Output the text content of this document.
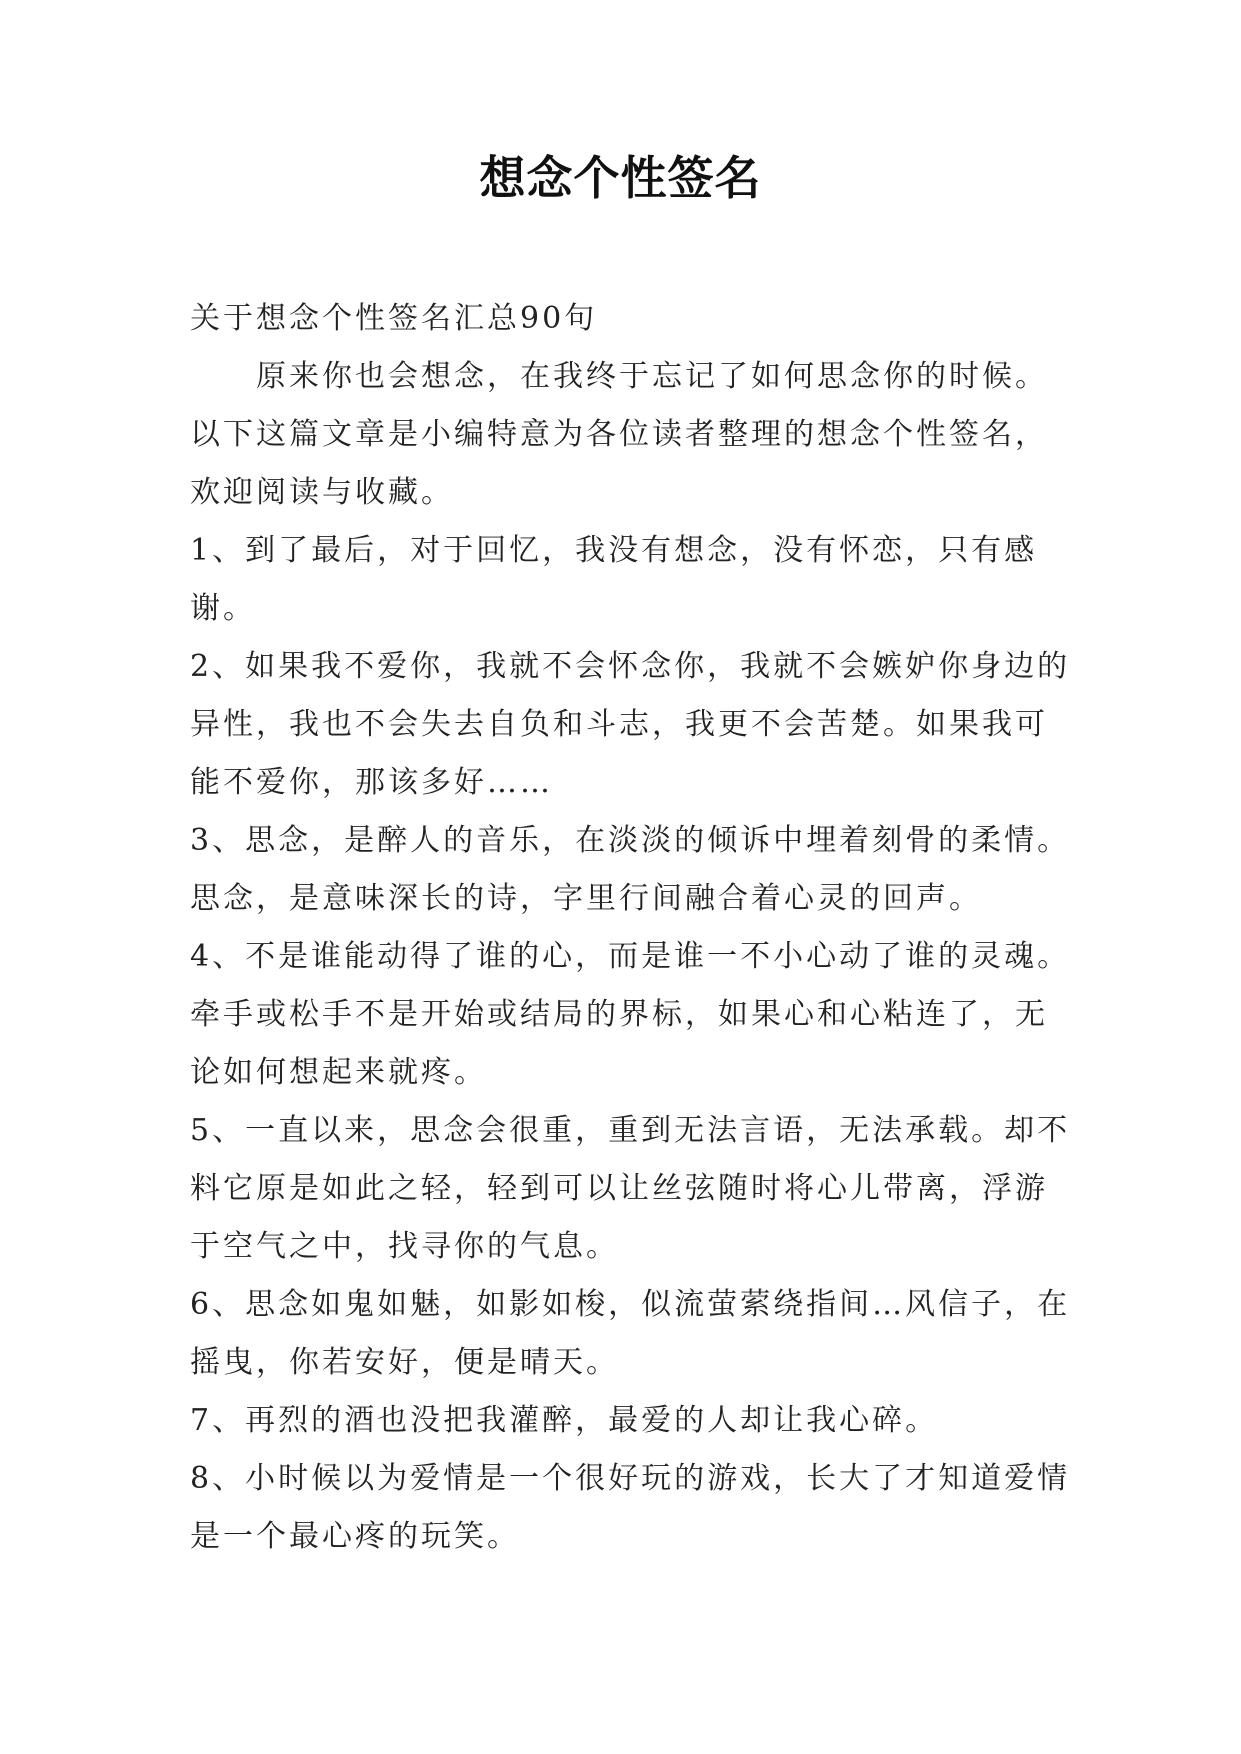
想念个性签名

关于想念个性签名汇总90句

原来你也会想念，在我终于忘记了如何思念你的时候。以下这篇文章是小编特意为各位读者整理的想念个性签名，欢迎阅读与收藏。

1、到了最后，对于回忆，我没有想念，没有怀恋，只有感谢。

2、如果我不爱你，我就不会怀念你，我就不会嫉妒你身边的异性，我也不会失去自负和斗志，我更不会苦楚。如果我可能不爱你，那该多好……

3、思念，是醉人的音乐，在淡淡的倾诉中埋着刻骨的柔情。思念，是意味深长的诗，字里行间融合着心灵的回声。

4、不是谁能动得了谁的心，而是谁一不小心动了谁的灵魂。牵手或松手不是开始或结局的界标，如果心和心粘连了，无论如何想起来就疼。

5、一直以来，思念会很重，重到无法言语，无法承载。却不料它原是如此之轻，轻到可以让丝弦随时将心儿带离，浮游于空气之中，找寻你的气息。

6、思念如鬼如魅，如影如梭，似流萤萦绕指间…风信子，在摇曳，你若安好，便是晴天。

7、再烈的酒也没把我灌醉，最爱的人却让我心碎。

8、小时候以为爱情是一个很好玩的游戏，长大了才知道爱情是一个最心疼的玩笑。
